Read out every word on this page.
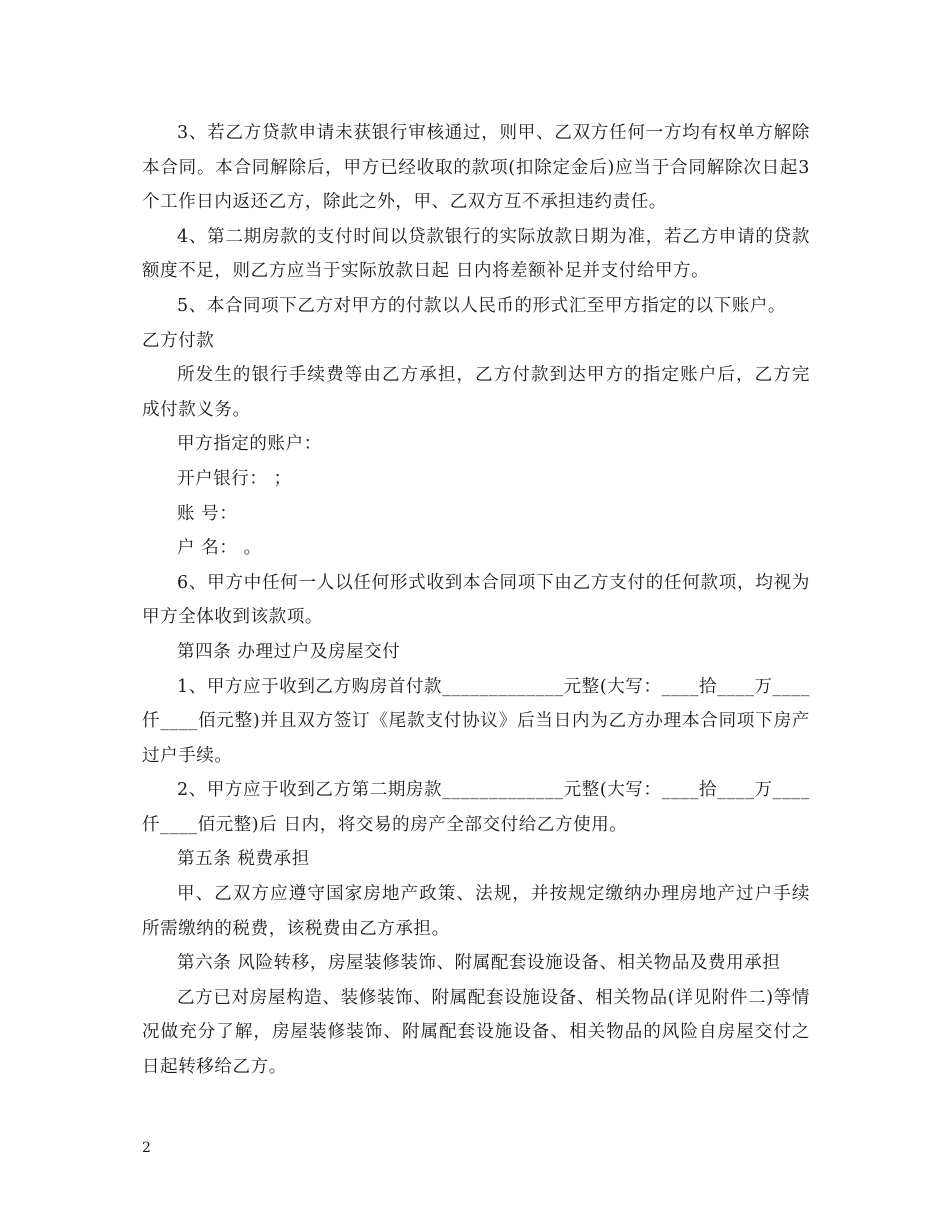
3、若乙方贷款申请未获银行审核通过，则甲、乙双方任何一方均有权单方解除本合同。本合同解除后，甲方已经收取的款项(扣除定金后)应当于合同解除次日起3个工作日内返还乙方，除此之外，甲、乙双方互不承担违约责任。

4、第二期房款的支付时间以贷款银行的实际放款日期为准，若乙方申请的贷款额度不足，则乙方应当于实际放款日起 日内将差额补足并支付给甲方。

5、本合同项下乙方对甲方的付款以人民币的形式汇至甲方指定的以下账户。

乙方付款

所发生的银行手续费等由乙方承担，乙方付款到达甲方的指定账户后，乙方完成付款义务。

甲方指定的账户：

开户银行： ；

账 号：

户 名： 。

6、甲方中任何一人以任何形式收到本合同项下由乙方支付的任何款项，均视为甲方全体收到该款项。

第四条 办理过户及房屋交付

1、甲方应于收到乙方购房首付款_____________元整(大写：____拾____万____仟____佰元整)并且双方签订《尾款支付协议》后当日内为乙方办理本合同项下房产过户手续。

2、甲方应于收到乙方第二期房款_____________元整(大写：____拾____万____仟____佰元整)后 日内，将交易的房产全部交付给乙方使用。

第五条 税费承担

甲、乙双方应遵守国家房地产政策、法规，并按规定缴纳办理房地产过户手续所需缴纳的税费，该税费由乙方承担。

第六条 风险转移，房屋装修装饰、附属配套设施设备、相关物品及费用承担

乙方已对房屋构造、装修装饰、附属配套设施设备、相关物品(详见附件二)等情况做充分了解，房屋装修装饰、附属配套设施设备、相关物品的风险自房屋交付之日起转移给乙方。

2
